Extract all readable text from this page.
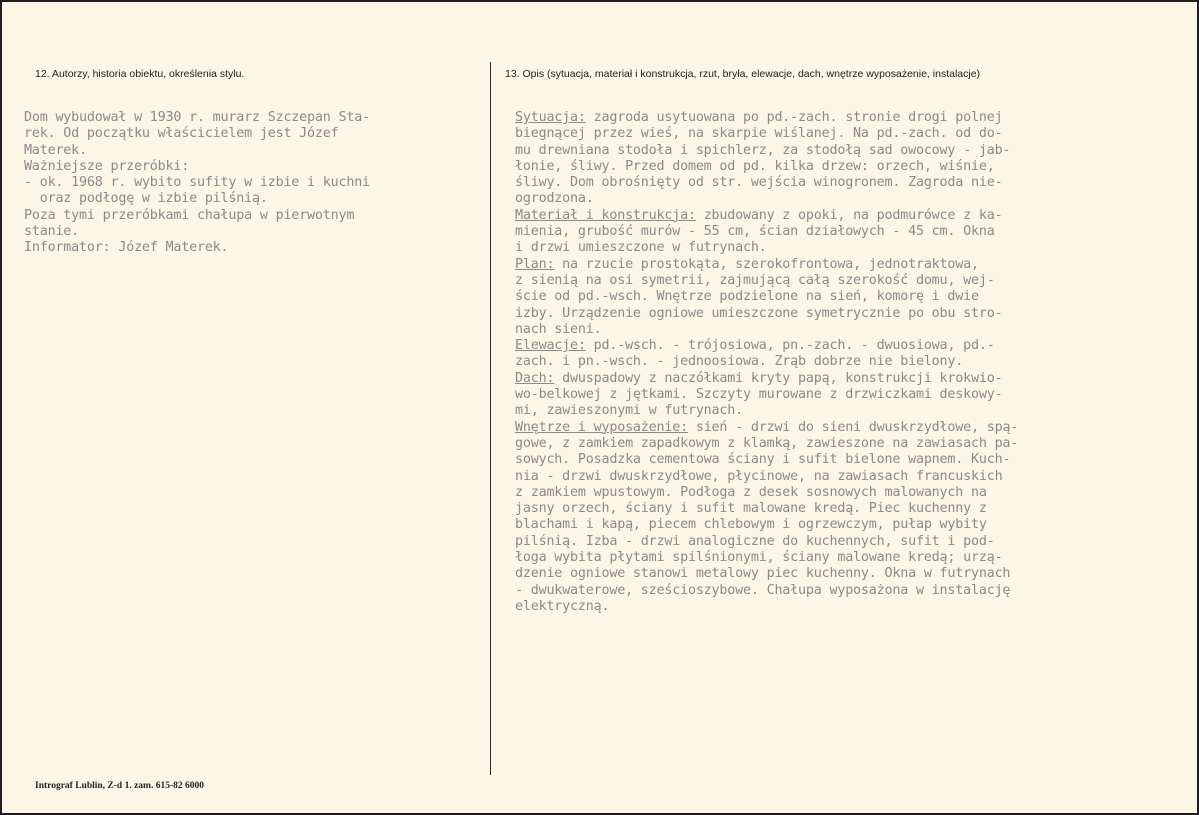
12. Autorzy, historia obiektu, określenia stylu.	13. Opis (sytuacja, materiał i konstrukcja, rzut, bryła, elewacje, dach, wnętrze wyposażenie, instalacje)
Dom wybudował w 1930 r. murarz Szczepan Sta-
rek. Od początku właścicielem jest Józef
Materek.
Ważniejsze przeróbki:
- ok. 1968 r. wybito sufity w izbie i kuchni
oraz podłogę w izbie pilśnią.
Poza tymi przeróbkami chałupa w pierwotnym
stanie.
Informator: Józef Materek.
Sytuacja: zagroda usytuowana po pd.-zach. stronie drogi polnej
biegnącej przez wieś, na skarpie wiślanej. Na pd.-zach. od do-
mu drewniana stodoła i spichlerz, za stodołą sad owocowy - jab-
łonie, śliwy. Przed domem od pd. kilka drzew: orzech, wiśnie,
śliwy. Dom obrośnięty od str. wejścia winogronem. Zagroda nie-
ogrodzona.
Materiał i konstrukcja: zbudowany z opoki, na podmurówce z ka-
mienia, grubość murów - 55 cm, ścian działowych - 45 cm. Okna
i drzwi umieszczone w futrynach.
Plan: na rzucie prostokąta, szerokofrontowa, jednotraktowa,
z sienią na osi symetrii, zajmującą całą szerokość domu, wej-
ście od pd.-wsch. Wnętrze podzielone na sień, komorę i dwie
izby. Urządzenie ogniowe umieszczone symetrycznie po obu stro-
nach sieni.
Elewacje: pd.-wsch. - trójosiowa, pn.-zach. - dwuosiowa, pd.-
zach. i pn.-wsch. - jednoosiowa. Zrąb dobrze nie bielony.
Dach: dwuspadowy z naczółkami kryty papą, konstrukcji krokwio-
wo-belkowej z jętkami. Szczyty murowane z drzwiczkami deskowy-
mi, zawieszonymi w futrynach.
Wnętrze i wyposażenie: sień - drzwi do sieni dwuskrzydłowe, spą-
gowe, z zamkiem zapadkowym z klamką, zawieszone na zawiasach pa-
sowych. Posadzka cementowa ściany i sufit bielone wapnem. Kuch-
nia - drzwi dwuskrzydłowe, płycinowe, na zawiasach francuskich
z zamkiem wpustowym. Podłoga z desek sosnowych malowanych na
jasny orzech, ściany i sufit malowane kredą. Piec kuchenny z
blachami i kapą, piecem chlebowym i ogrzewczym, pułap wybity
pilśnią. Izba - drzwi analogiczne do kuchennych, sufit i pod-
łoga wybita płytami spilśnionymi, ściany malowane kredą; urzą-
dzenie ogniowe stanowi metalowy piec kuchenny. Okna w futrynach
- dwukwaterowe, sześcioszybowe. Chałupa wyposażona w instalację
elektryczną.
Intrograf Lublin, Z-d 1. zam. 615-82 6000
